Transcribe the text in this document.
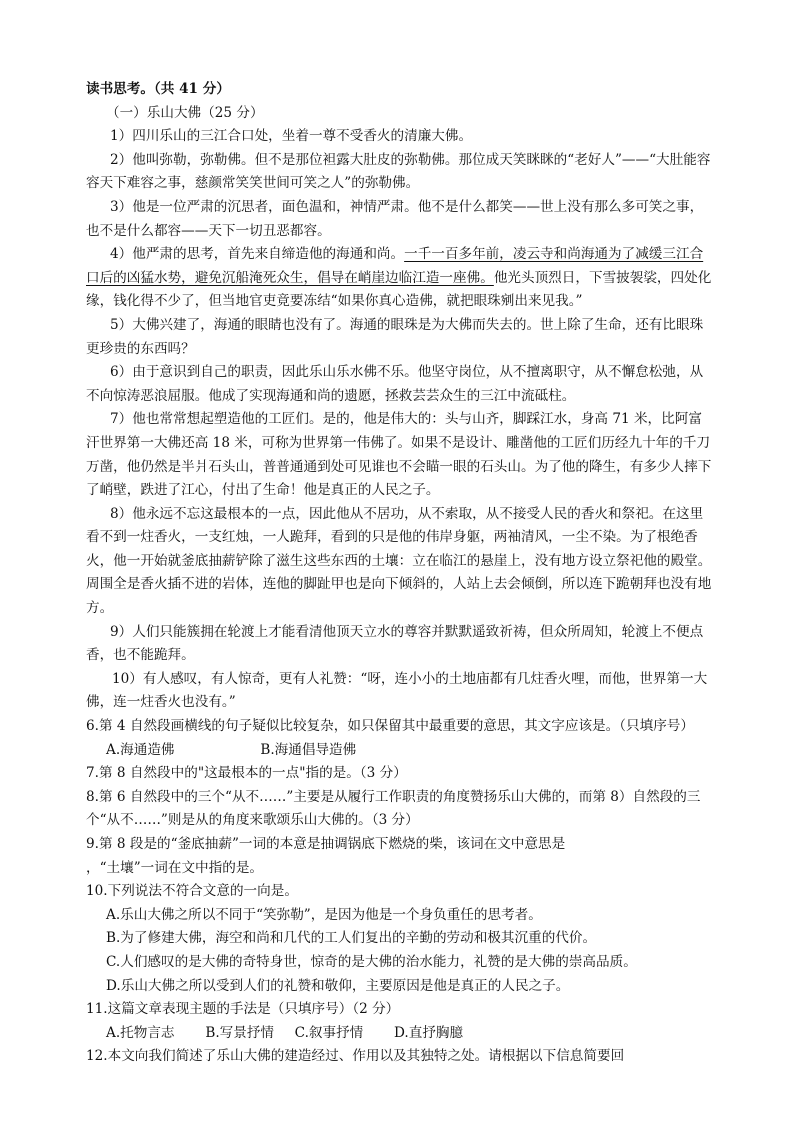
读书思考。（共 41 分）
（一）乐山大佛（25 分）
1）四川乐山的三江合口处，坐着一尊不受香火的清廉大佛。
2）他叫弥勒，弥勒佛。但不是那位袒露大肚皮的弥勒佛。那位成天笑眯眯的“老好人”——“大肚能容容天下难容之事，慈颜常笑笑世间可笑之人”的弥勒佛。
3）他是一位严肃的沉思者，面色温和，神情严肃。他不是什么都笑——世上没有那么多可笑之事，也不是什么都容——天下一切丑恶都容。
4）他严肃的思考，首先来自缔造他的海通和尚。一千一百多年前，凌云寺和尚海通为了减缓三江合口后的凶猛水势，避免沉船淹死众生，倡导在峭崖边临江造一座佛。他光头顶烈日，下雪披袈裟，四处化缘，钱化得不少了，但当地官吏竟要冻结“如果你真心造佛，就把眼珠剜出来见我。”
5）大佛兴建了，海通的眼睛也没有了。海通的眼珠是为大佛而失去的。世上除了生命，还有比眼珠更珍贵的东西吗？
6）由于意识到自己的职责，因此乐山乐水佛不乐。他坚守岗位，从不擅离职守，从不懈怠松弛，从不向惊涛恶浪屈服。他成了实现海通和尚的遗愿，拯救芸芸众生的三江中流砥柱。
7）他也常常想起塑造他的工匠们。是的，他是伟大的：头与山齐，脚踩江水，身高 71 米，比阿富汗世界第一大佛还高 18 米，可称为世界第一伟佛了。如果不是设计、雕凿他的工匠们历经九十年的千刀万凿，他仍然是半爿石头山，普普通通到处可见谁也不会瞄一眼的石头山。为了他的降生，有多少人摔下了峭壁，跌进了江心，付出了生命！他是真正的人民之子。
8）他永远不忘这最根本的一点，因此他从不居功，从不索取，从不接受人民的香火和祭祀。在这里看不到一炷香火，一支红烛，一人跪拜，看到的只是他的伟岸身躯，两袖清风，一尘不染。为了根绝香火，他一开始就釜底抽薪铲除了滋生这些东西的土壤：立在临江的悬崖上，没有地方设立祭祀他的殿堂。周围全是香火插不进的岩体，连他的脚趾甲也是向下倾斜的，人站上去会倾倒，所以连下跪朝拜也没有地方。
9）人们只能簇拥在轮渡上才能看清他顶天立水的尊容并默默遥致祈祷，但众所周知，轮渡上不便点香，也不能跪拜。
10）有人感叹，有人惊奇，更有人礼赞：“呀，连小小的土地庙都有几炷香火哩，而他，世界第一大佛，连一炷香火也没有。”
6.第 4 自然段画横线的句子疑似比较复杂，如只保留其中最重要的意思，其文字应该是。（只填序号）
A.海通造佛	B.海通倡导造佛
7.第 8 自然段中的"这最根本的一点"指的是。（3 分）
8.第 6 自然段中的三个“从不……”主要是从履行工作职责的角度赞扬乐山大佛的，而第 8）自然段的三个“从不……”则是从的角度来歌颂乐山大佛的。（3 分）
9.第 8 段是的“釜底抽薪”一词的本意是抽调锅底下燃烧的柴，该词在文中意思是
，“土壤”一词在文中指的是。
10.下列说法不符合文意的一向是。
A.乐山大佛之所以不同于“笑弥勒”，是因为他是一个身负重任的思考者。
B.为了修建大佛，海空和尚和几代的工人们复出的辛勤的劳动和极其沉重的代价。
C.人们感叹的是大佛的奇特身世，惊奇的是大佛的治水能力，礼赞的是大佛的崇高品质。
D.乐山大佛之所以受到人们的礼赞和敬仰，主要原因是他是真正的人民之子。
11.这篇文章表现主题的手法是（只填序号）（2 分）
A.托物言志 B.写景抒情 C.叙事抒情 D.直抒胸臆
12.本文向我们简述了乐山大佛的建造经过、作用以及其独特之处。请根据以下信息简要回
